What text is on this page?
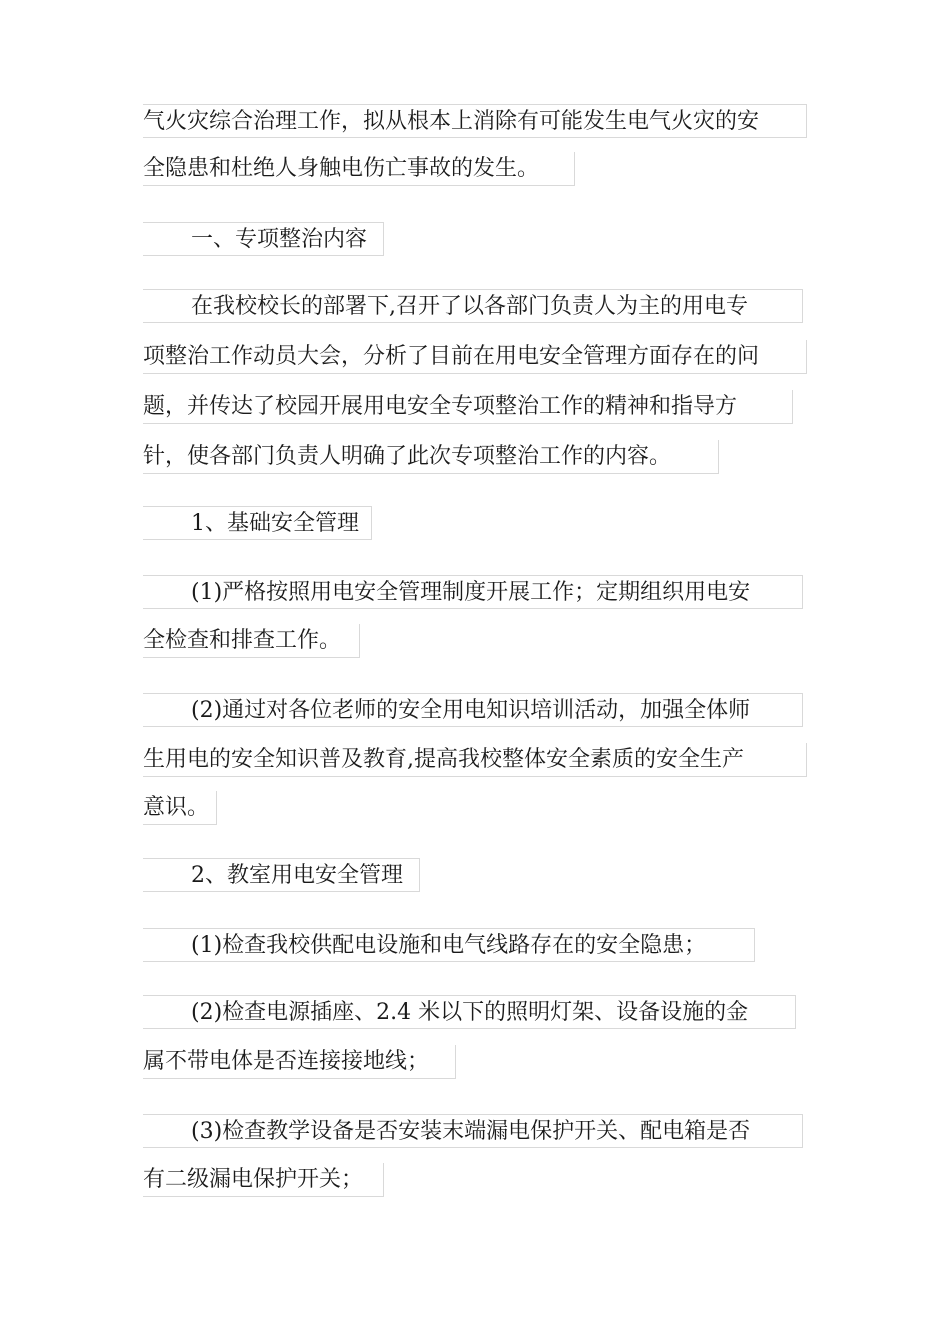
气火灾综合治理工作，拟从根本上消除有可能发生电气火灾的安
全隐患和杜绝人身触电伤亡事故的发生。
一、专项整治内容
在我校校长的部署下,召开了以各部门负责人为主的用电专
项整治工作动员大会，分析了目前在用电安全管理方面存在的问
题，并传达了校园开展用电安全专项整治工作的精神和指导方
针，使各部门负责人明确了此次专项整治工作的内容。
1、基础安全管理
(1)严格按照用电安全管理制度开展工作；定期组织用电安
全检查和排查工作。
(2)通过对各位老师的安全用电知识培训活动，加强全体师
生用电的安全知识普及教育,提高我校整体安全素质的安全生产
意识。
2、教室用电安全管理
(1)检查我校供配电设施和电气线路存在的安全隐患；
(2)检查电源插座、2.4 米以下的照明灯架、设备设施的金
属不带电体是否连接接地线；
(3)检查教学设备是否安装末端漏电保护开关、配电箱是否
有二级漏电保护开关；
